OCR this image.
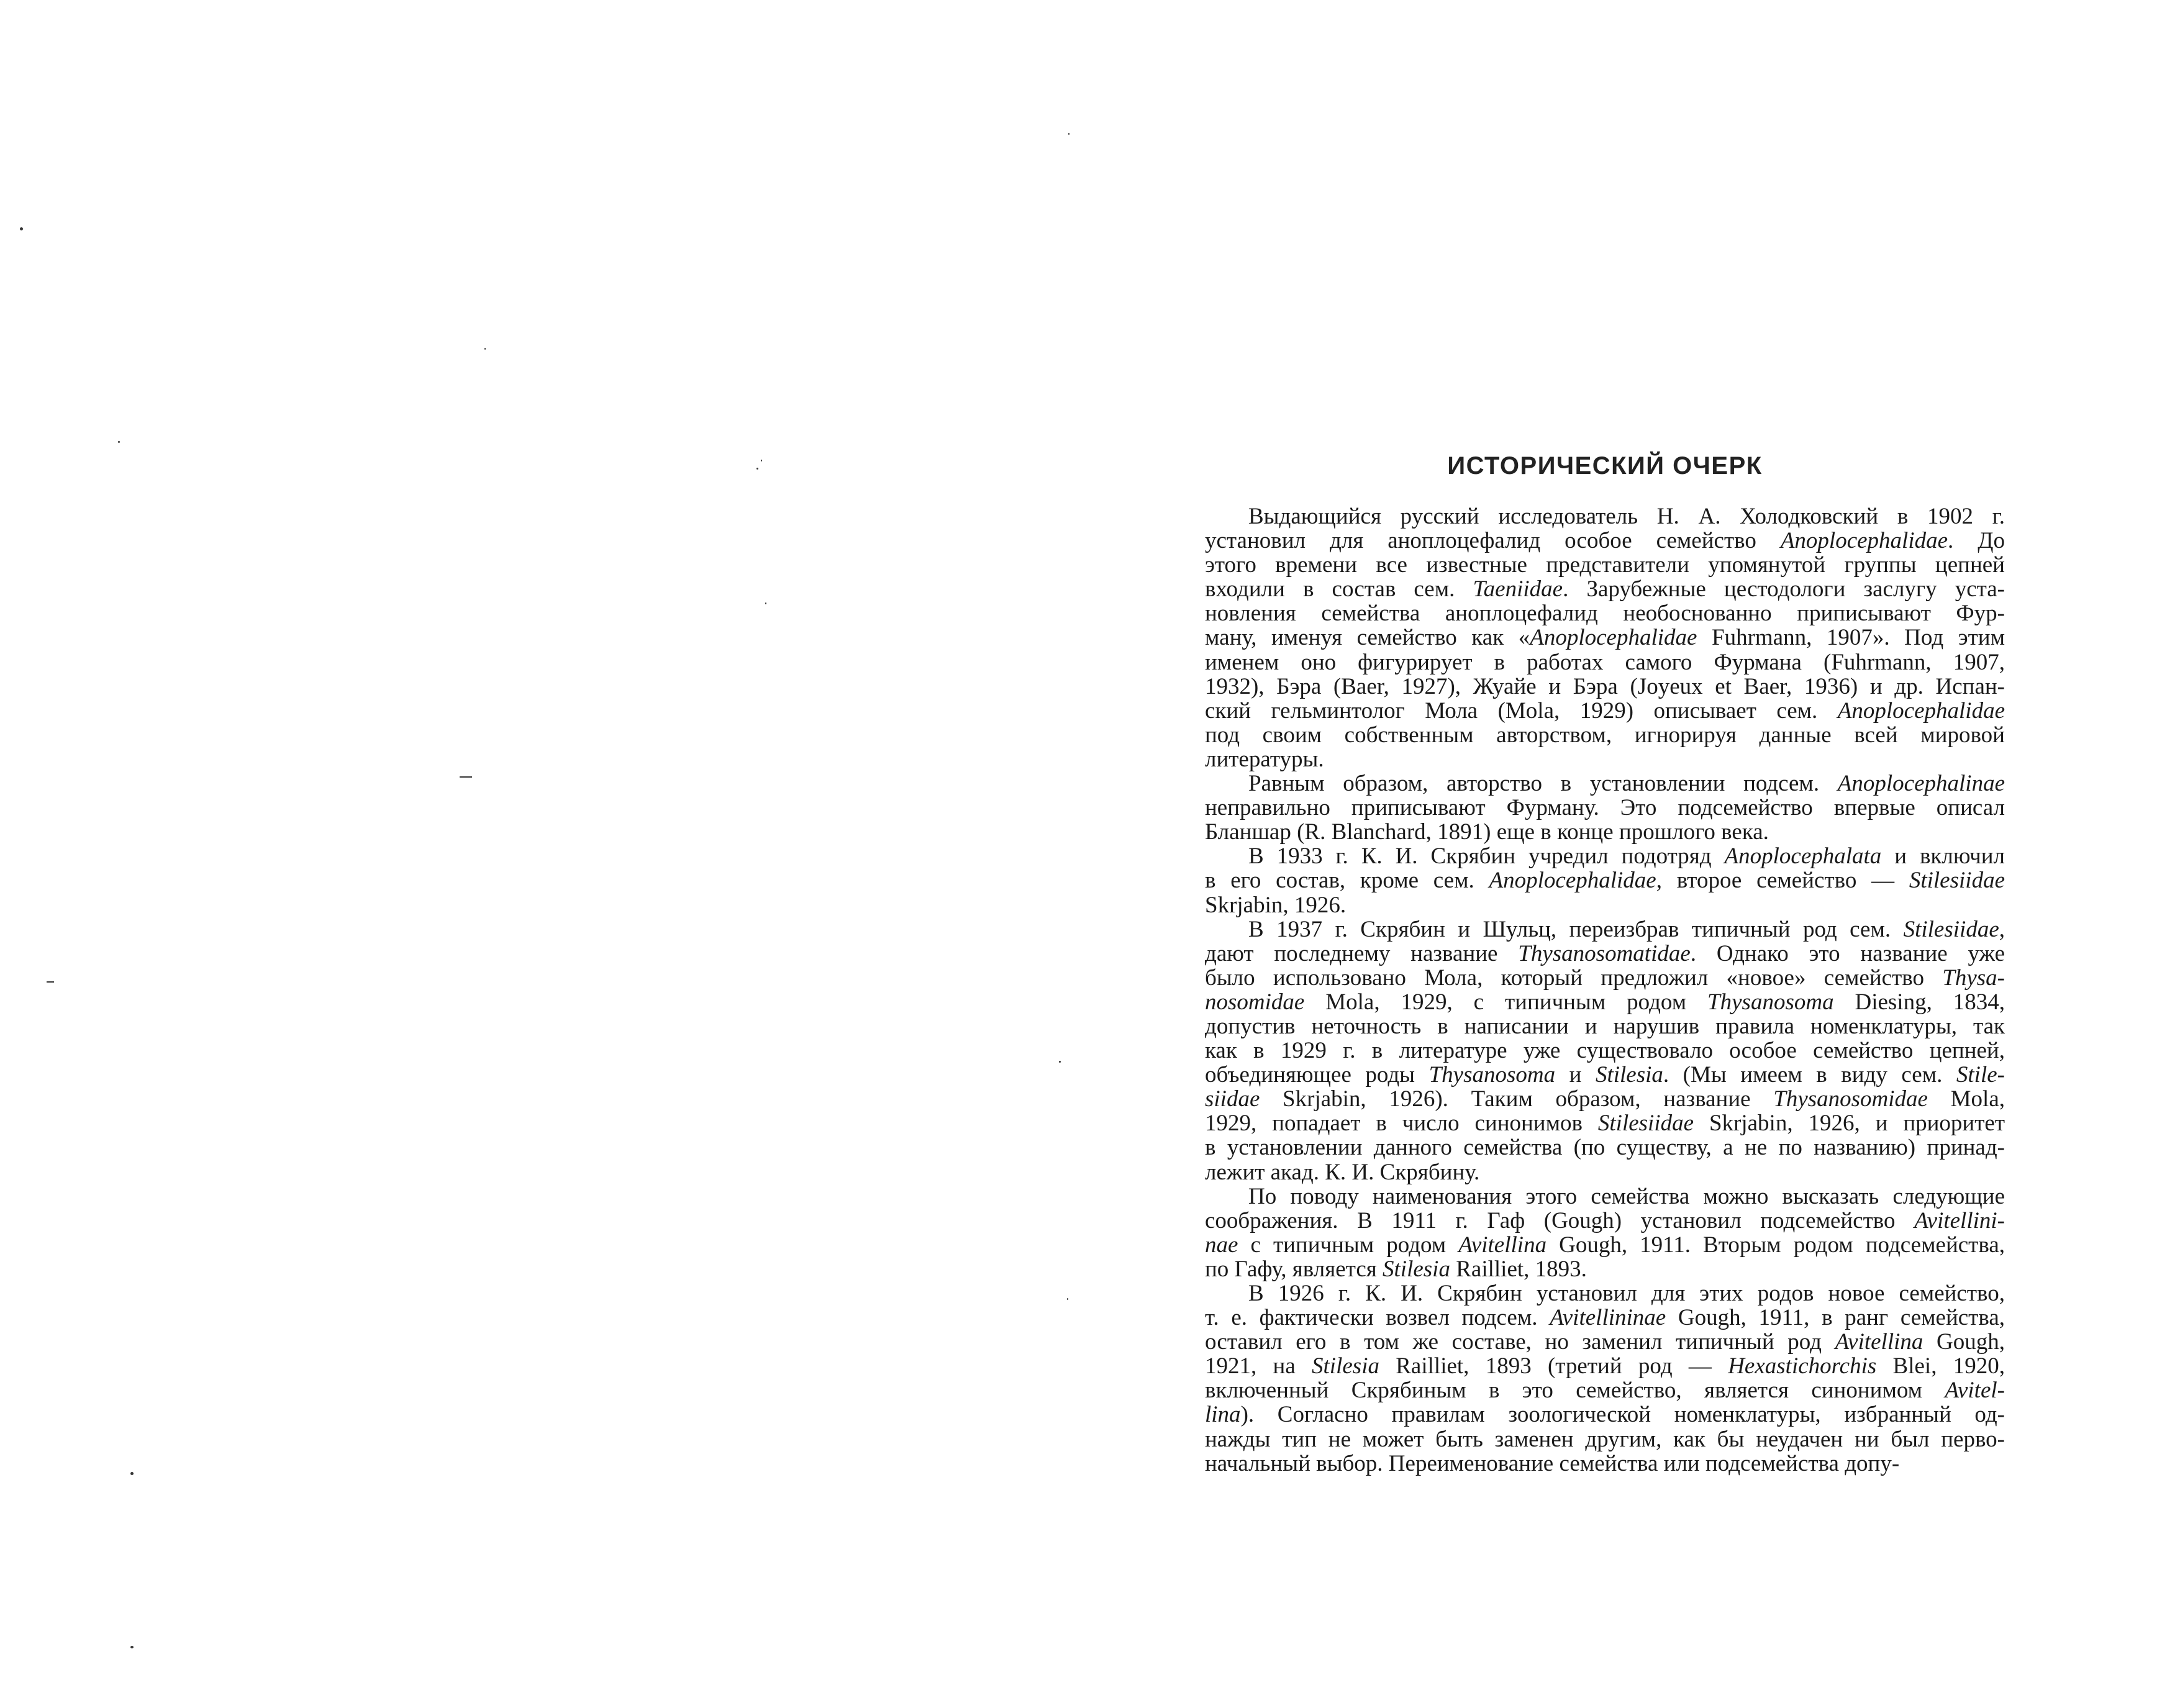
ИСТОРИЧЕСКИЙ ОЧЕРК
Выдающийся русский исследователь Н. А. Холодковский в 1902 г.
установил для аноплоцефалид особое семейство Anoplocephalidae. До
этого времени все известные представители упомянутой группы цепней
входили в состав сем. Taeniidae. Зарубежные цестодологи заслугу уста-
новления семейства аноплоцефалид необоснованно приписывают Фур-
ману, именуя семейство как «Anoplocephalidae Fuhrmann, 1907». Под этим
именем оно фигурирует в работах самого Фурмана (Fuhrmann, 1907,
1932), Бэра (Baer, 1927), Жуайе и Бэра (Joyeux et Baer, 1936) и др. Испан-
ский гельминтолог Мола (Mola, 1929) описывает сем. Anoplocephalidae
под своим собственным авторством, игнорируя данные всей мировой
литературы.
Равным образом, авторство в установлении подсем. Anoplocephalinae
неправильно приписывают Фурману. Это подсемейство впервые описал
Бланшар (R. Blanchard, 1891) еще в конце прошлого века.
В 1933 г. К. И. Скрябин учредил подотряд Anoplocephalata и включил
в его состав, кроме сем. Anoplocephalidae, второе семейство — Stilesiidae
Skrjabin, 1926.
В 1937 г. Скрябин и Шульц, переизбрав типичный род сем. Stilesiidae,
дают последнему название Thysanosomatidae. Однако это название уже
было использовано Мола, который предложил «новое» семейство Thysa-
nosomidae Mola, 1929, с типичным родом Thysanosoma Diesing, 1834,
допустив неточность в написании и нарушив правила номенклатуры, так
как в 1929 г. в литературе уже существовало особое семейство цепней,
объединяющее роды Thysanosoma и Stilesia. (Мы имеем в виду сем. Stile-
siidae Skrjabin, 1926). Таким образом, название Thysanosomidae Mola,
1929, попадает в число синонимов Stilesiidae Skrjabin, 1926, и приоритет
в установлении данного семейства (по существу, а не по названию) принад-
лежит акад. К. И. Скрябину.
По поводу наименования этого семейства можно высказать следующие
соображения. В 1911 г. Гаф (Gough) установил подсемейство Avitellini-
nae с типичным родом Avitellina Gough, 1911. Вторым родом подсемейства,
по Гафу, является Stilesia Railliet, 1893.
В 1926 г. К. И. Скрябин установил для этих родов новое семейство,
т. е. фактически возвел подсем. Avitellininae Gough, 1911, в ранг семейства,
оставил его в том же составе, но заменил типичный род Avitellina Gough,
1921, на Stilesia Railliet, 1893 (третий род — Hexastichorchis Blei, 1920,
включенный Скрябиным в это семейство, является синонимом Avitel-
lina). Согласно правилам зоологической номенклатуры, избранный од-
нажды тип не может быть заменен другим, как бы неудачен ни был перво-
начальный выбор. Переименование семейства или подсемейства допу-
